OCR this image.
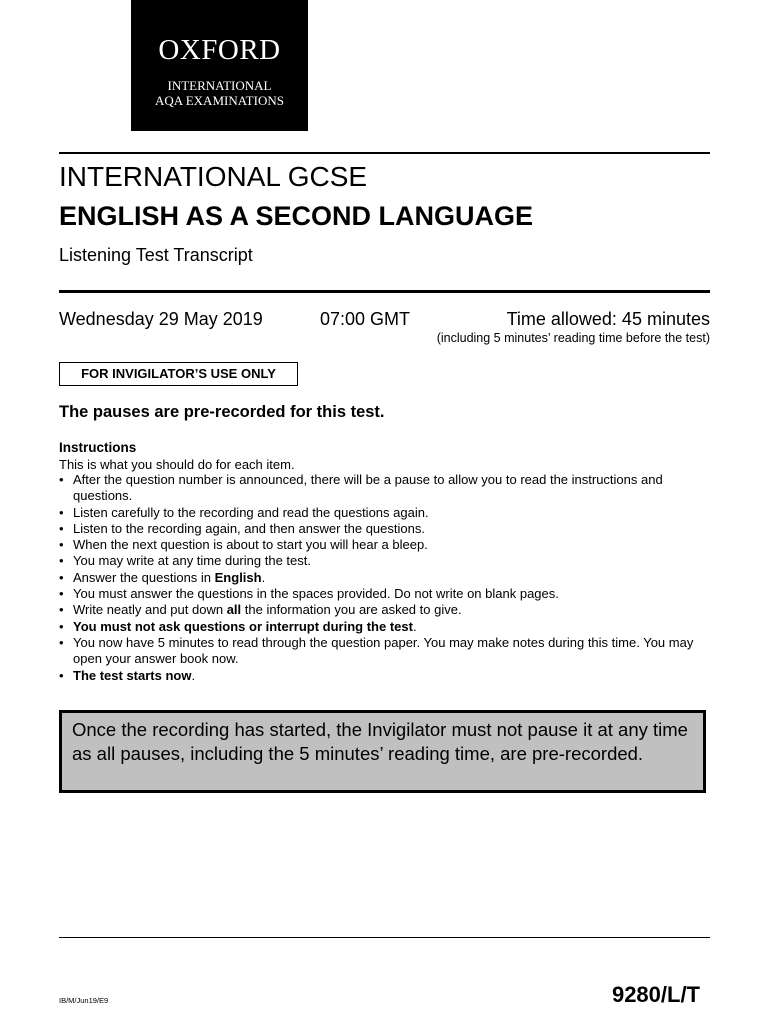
OXFORD
INTERNATIONAL
AQA EXAMINATIONS
INTERNATIONAL GCSE
ENGLISH AS A SECOND LANGUAGE
Listening Test Transcript
Wednesday 29 May 2019	07:00 GMT	Time allowed: 45 minutes
(including 5 minutes’ reading time before the test)
FOR INVIGILATOR’S USE ONLY
The pauses are pre-recorded for this test.
Instructions
This is what you should do for each item.
• After the question number is announced, there will be a pause to allow you to read the instructions and questions.
• Listen carefully to the recording and read the questions again.
• Listen to the recording again, and then answer the questions.
• When the next question is about to start you will hear a bleep.
• You may write at any time during the test.
• Answer the questions in English.
• You must answer the questions in the spaces provided. Do not write on blank pages.
• Write neatly and put down all the information you are asked to give.
• You must not ask questions or interrupt during the test.
• You now have 5 minutes to read through the question paper. You may make notes during this time. You may open your answer book now.
• The test starts now.
Once the recording has started, the Invigilator must not pause it at any time as all pauses, including the 5 minutes’ reading time, are pre-recorded.
IB/M/Jun19/E9	9280/L/T
